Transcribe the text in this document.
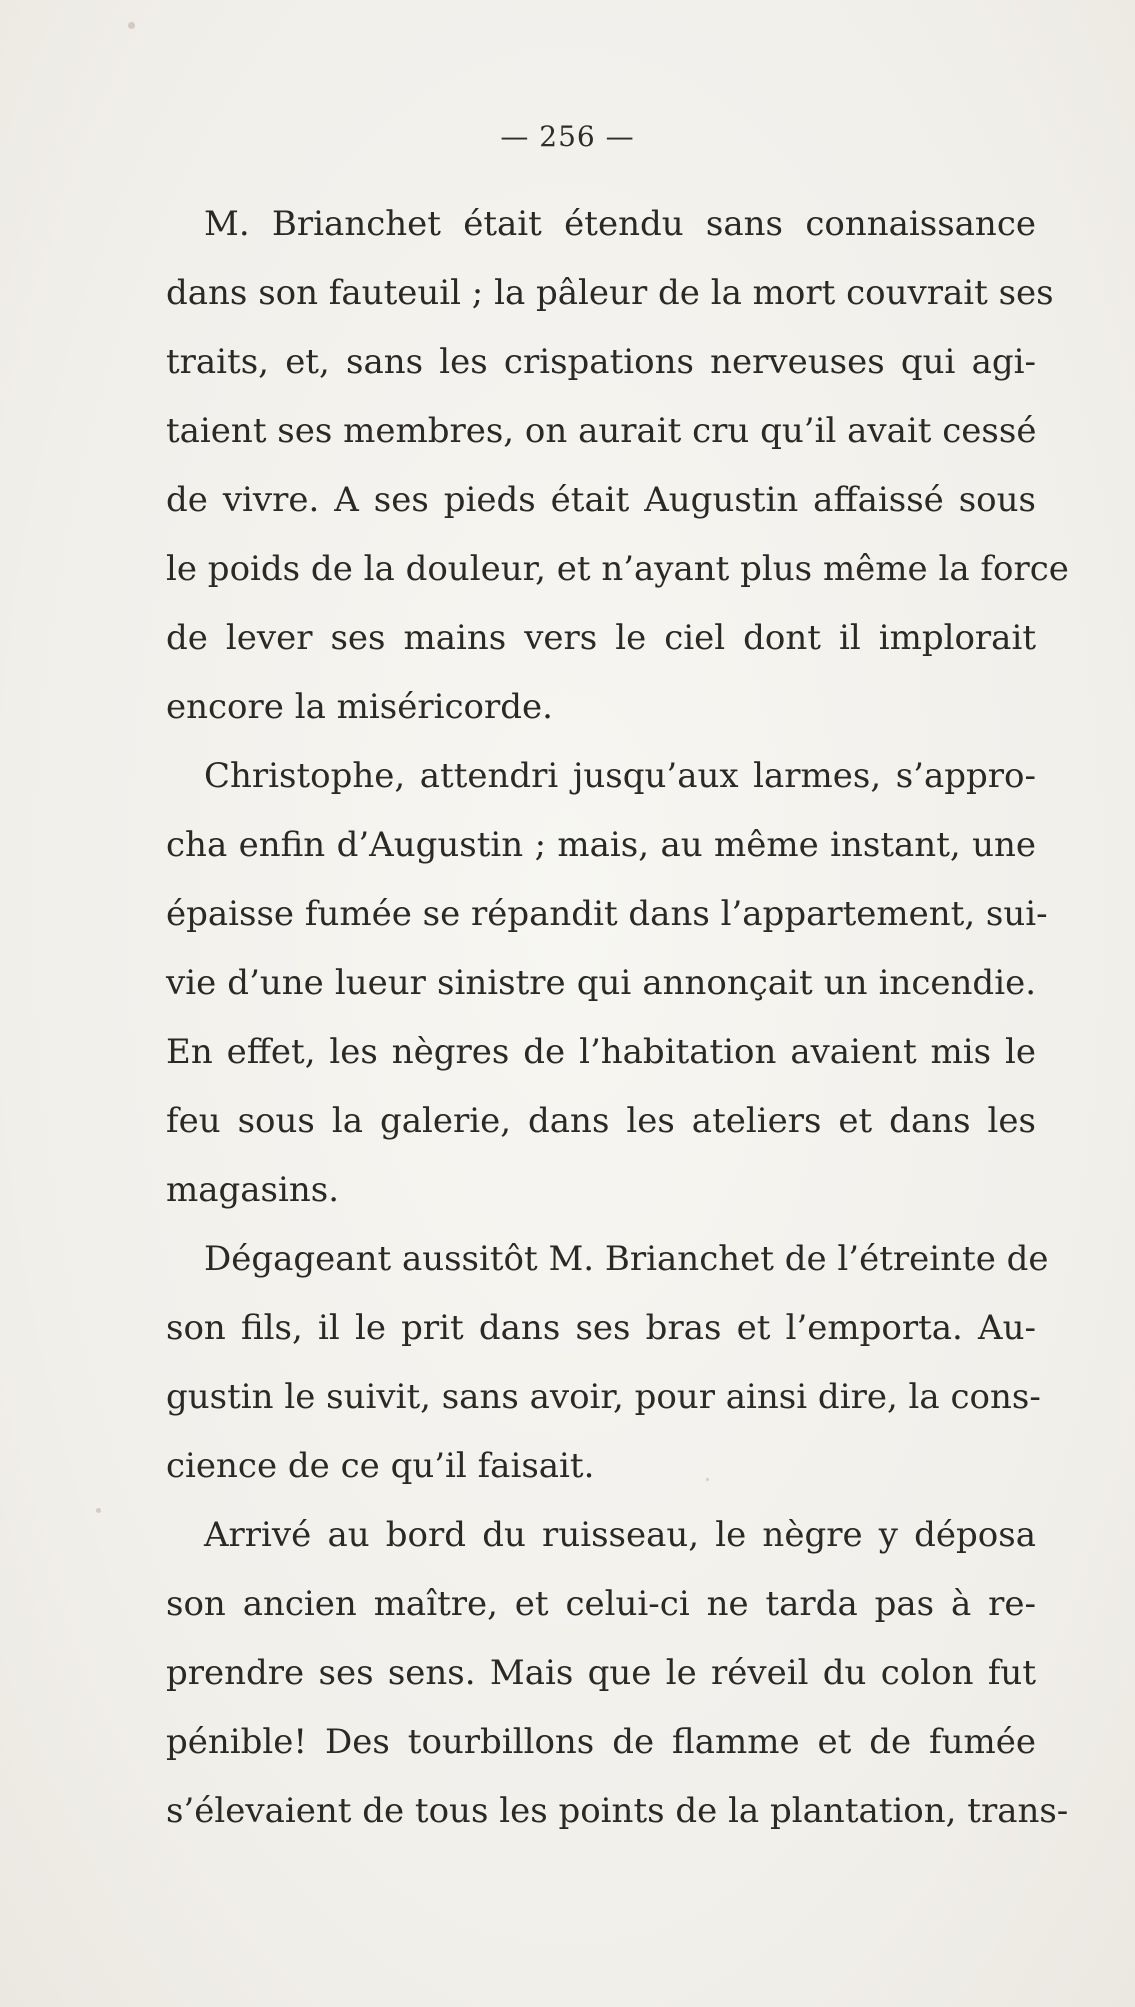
— 256 —
M. Brianchet était étendu sans connaissance
dans son fauteuil ; la pâleur de la mort couvrait ses
traits, et, sans les crispations nerveuses qui agi-
taient ses membres, on aurait cru qu’il avait cessé
de vivre. A ses pieds était Augustin affaissé sous
le poids de la douleur, et n’ayant plus même la force
de lever ses mains vers le ciel dont il implorait
encore la miséricorde.
Christophe, attendri jusqu’aux larmes, s’appro-
cha enfin d’Augustin ; mais, au même instant, une
épaisse fumée se répandit dans l’appartement, sui-
vie d’une lueur sinistre qui annonçait un incendie.
En effet, les nègres de l’habitation avaient mis le
feu sous la galerie, dans les ateliers et dans les
magasins.
Dégageant aussitôt M. Brianchet de l’étreinte de
son fils, il le prit dans ses bras et l’emporta. Au-
gustin le suivit, sans avoir, pour ainsi dire, la cons-
cience de ce qu’il faisait.
Arrivé au bord du ruisseau, le nègre y déposa
son ancien maître, et celui-ci ne tarda pas à re-
prendre ses sens. Mais que le réveil du colon fut
pénible! Des tourbillons de flamme et de fumée
s’élevaient de tous les points de la plantation, trans-
